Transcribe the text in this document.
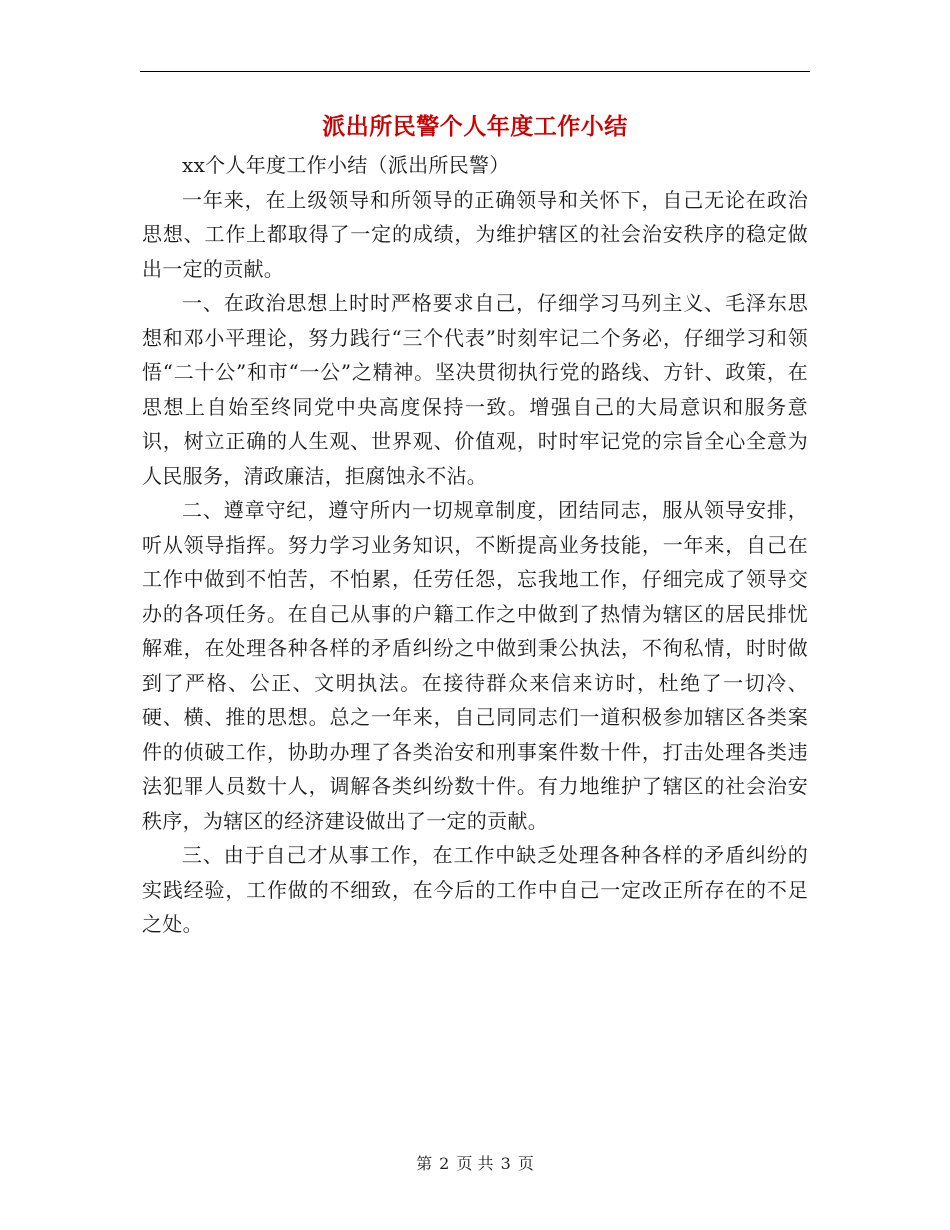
派出所民警个人年度工作小结

xx个人年度工作小结（派出所民警）

一年来，在上级领导和所领导的正确领导和关怀下，自己无论在政治思想、工作上都取得了一定的成绩，为维护辖区的社会治安秩序的稳定做出一定的贡献。

一、在政治思想上时时严格要求自己，仔细学习马列主义、毛泽东思想和邓小平理论，努力践行“三个代表”时刻牢记二个务必，仔细学习和领悟“二十公”和市“一公”之精神。坚决贯彻执行党的路线、方针、政策，在思想上自始至终同党中央高度保持一致。增强自己的大局意识和服务意识，树立正确的人生观、世界观、价值观，时时牢记党的宗旨全心全意为人民服务，清政廉洁，拒腐蚀永不沾。

二、遵章守纪，遵守所内一切规章制度，团结同志，服从领导安排，听从领导指挥。努力学习业务知识，不断提高业务技能，一年来，自己在工作中做到不怕苦，不怕累，任劳任怨，忘我地工作，仔细完成了领导交办的各项任务。在自己从事的户籍工作之中做到了热情为辖区的居民排忧解难，在处理各种各样的矛盾纠纷之中做到秉公执法，不徇私情，时时做到了严格、公正、文明执法。在接待群众来信来访时，杜绝了一切冷、硬、横、推的思想。总之一年来，自己同同志们一道积极参加辖区各类案件的侦破工作，协助办理了各类治安和刑事案件数十件，打击处理各类违法犯罪人员数十人，调解各类纠纷数十件。有力地维护了辖区的社会治安秩序，为辖区的经济建设做出了一定的贡献。

三、由于自己才从事工作，在工作中缺乏处理各种各样的矛盾纠纷的实践经验，工作做的不细致，在今后的工作中自己一定改正所存在的不足之处。

第 2 页 共 3 页
